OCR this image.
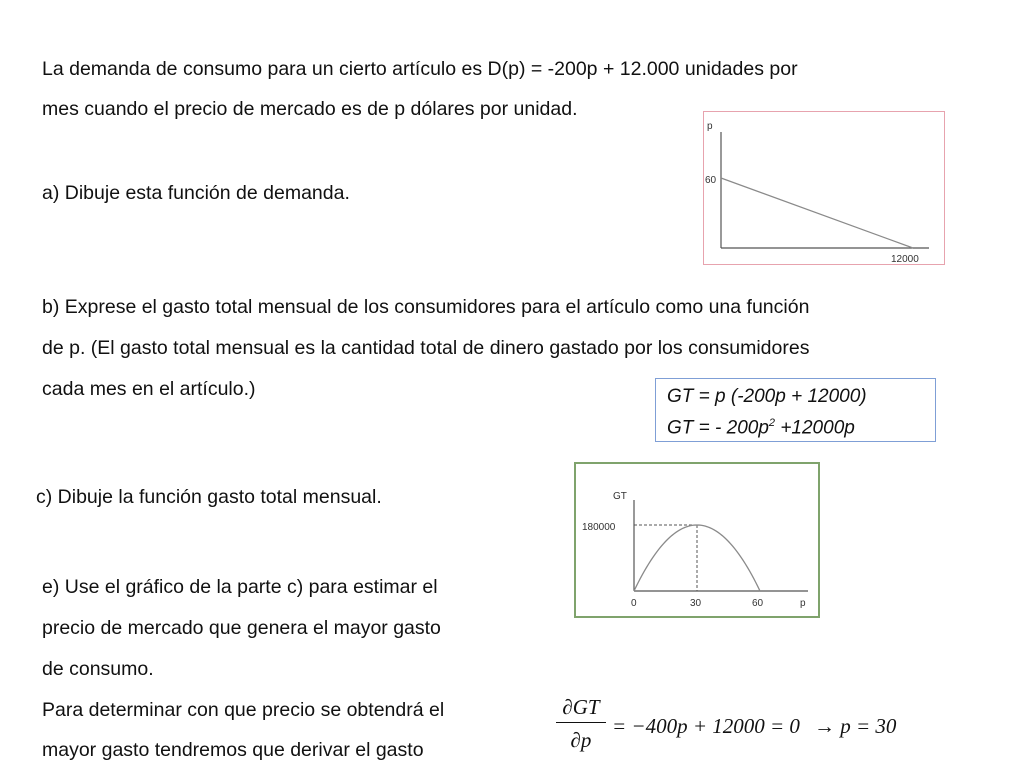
La demanda de consumo para un cierto artículo es D(p) = -200p + 12.000 unidades por
mes cuando el precio de mercado es de p dólares por unidad.
p
60
12000
a) Dibuje esta función de demanda.
b) Exprese el gasto total mensual de los consumidores para el artículo como una función
de p. (El gasto total mensual es la cantidad total de dinero gastado por los consumidores
cada mes en el artículo.)	GT = p (-200p + 12000)
GT = - $200p^2 +12000p$
c) Dibuje la función gasto total mensual.	GT
180000
0	30	60	p
e) Use el gráfico de la parte c) para estimar el
precio de mercado que genera el mayor gasto
de consumo.
Para determinar con que precio se obtendrá el
mayor gasto tendremos que derivar el gasto
∂GT
∂p
= −400p + 12000 = 0 → p = 30
